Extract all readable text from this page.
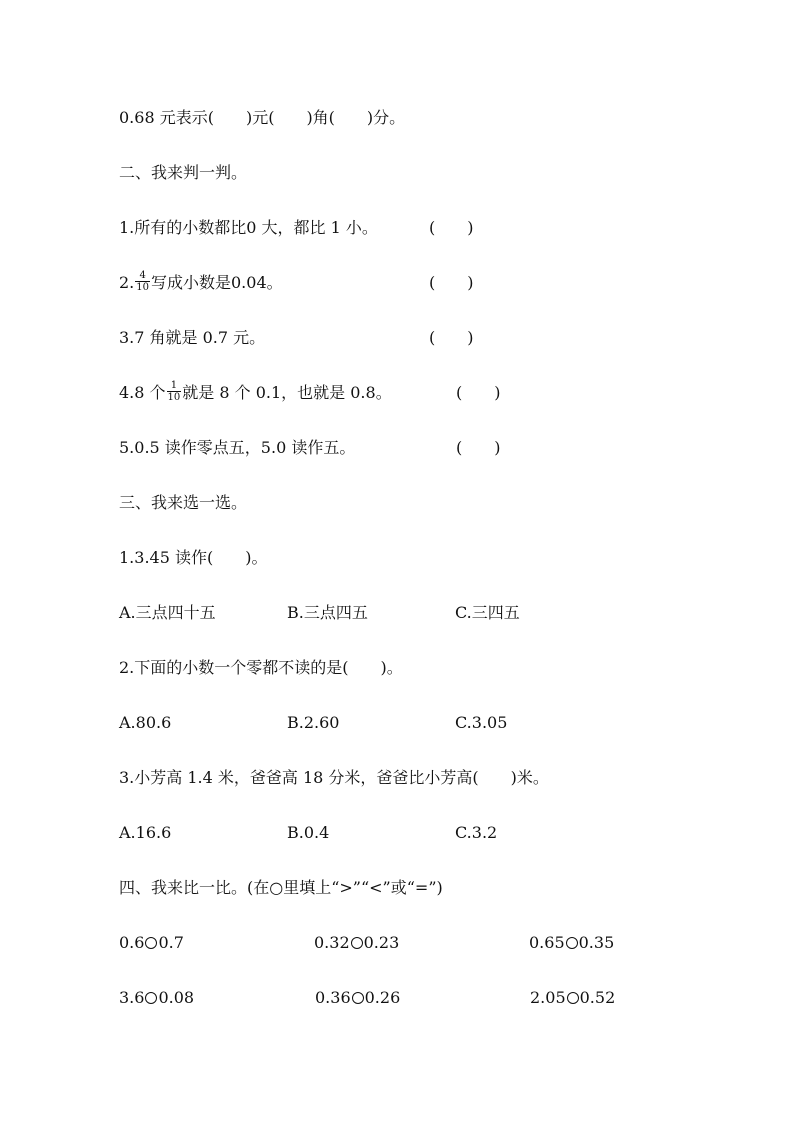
0.68 元表示(　　)元(　　)角(　　)分。
二、我来判一判。
1.所有的小数都比0 大，都比 1 小。	(　　)
2. $\frac{4}{10}$ 写成小数是0.04。	(　　)
3.7 角就是 0.7 元。	(　　)
4.8 个 $\frac{1}{10}$ 就是 8 个 0.1，也就是 0.8。	(　　)
5.0.5 读作零点五，5.0 读作五。	(　　)
三、我来选一选。
1.3.45 读作(　　)。
A.三点四十五	B.三点四五	C.三四五
2.下面的小数一个零都不读的是(　　)。
A.80.6	B.2.60	C.3.05
3.小芳高 1.4 米，爸爸高 18 分米，爸爸比小芳高(　　)米。
A.16.6	B.0.4	C.3.2
四、我来比一比。(在○里填上“>”“<”或“=”)
0.6 0.7	0.32 0.23	0.65 0.35
3.6 0.08	0.36 0.26	2.05 0.52
